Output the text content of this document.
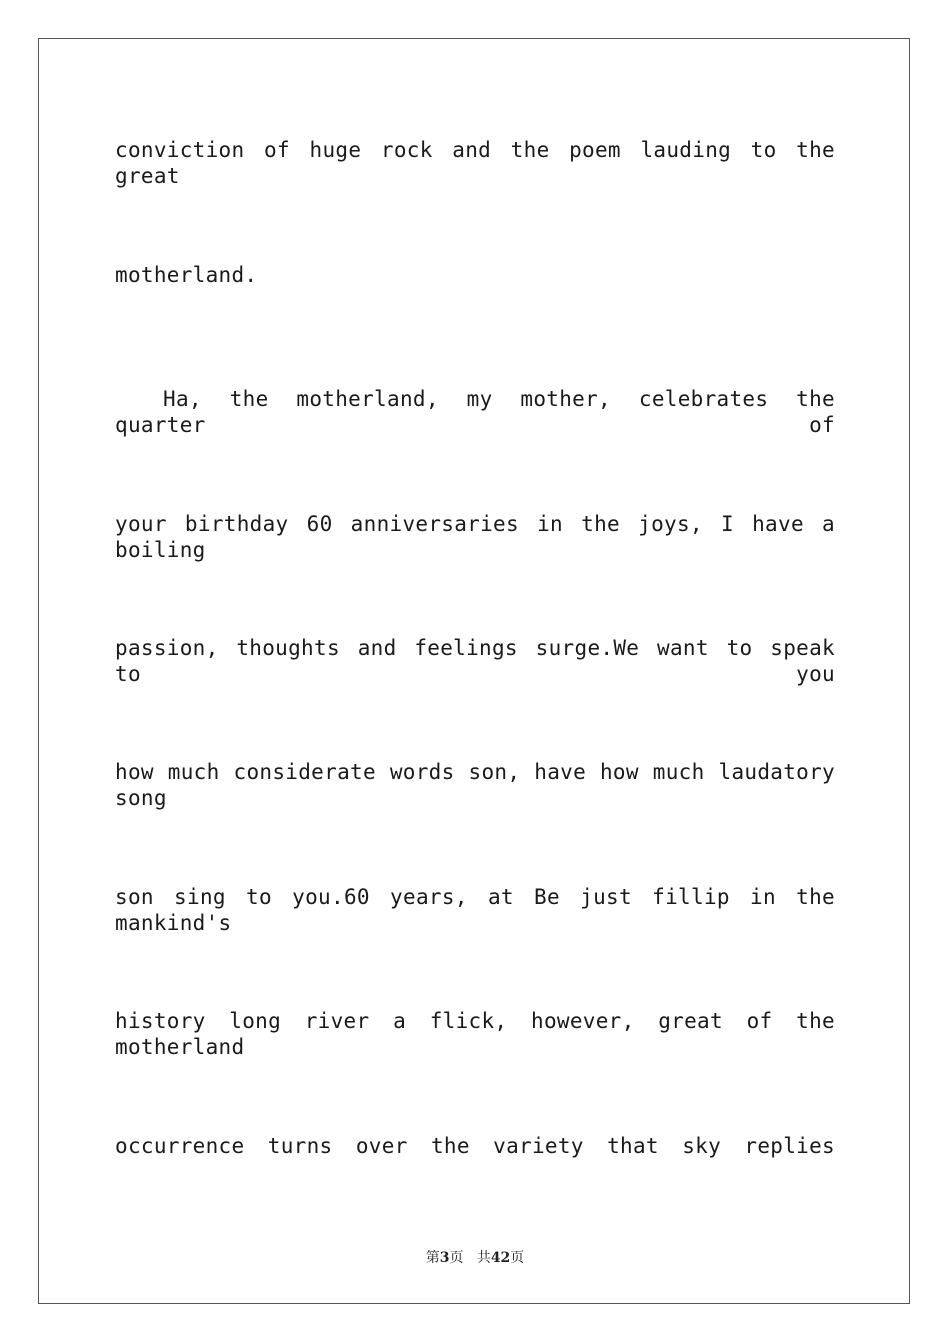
conviction of huge rock and the poem lauding to the great
motherland.
Ha, the motherland, my mother, celebrates the quarter of
your birthday 60 anniversaries in the joys, I have a boiling
passion, thoughts and feelings surge.We want to speak to you
how much considerate words son, have how much laudatory song
son sing to you.60 years, at Be just fillip in the mankind's
history long river a flick, however, great of the motherland
occurrence turns over the variety that sky replies
第3页 共42页
